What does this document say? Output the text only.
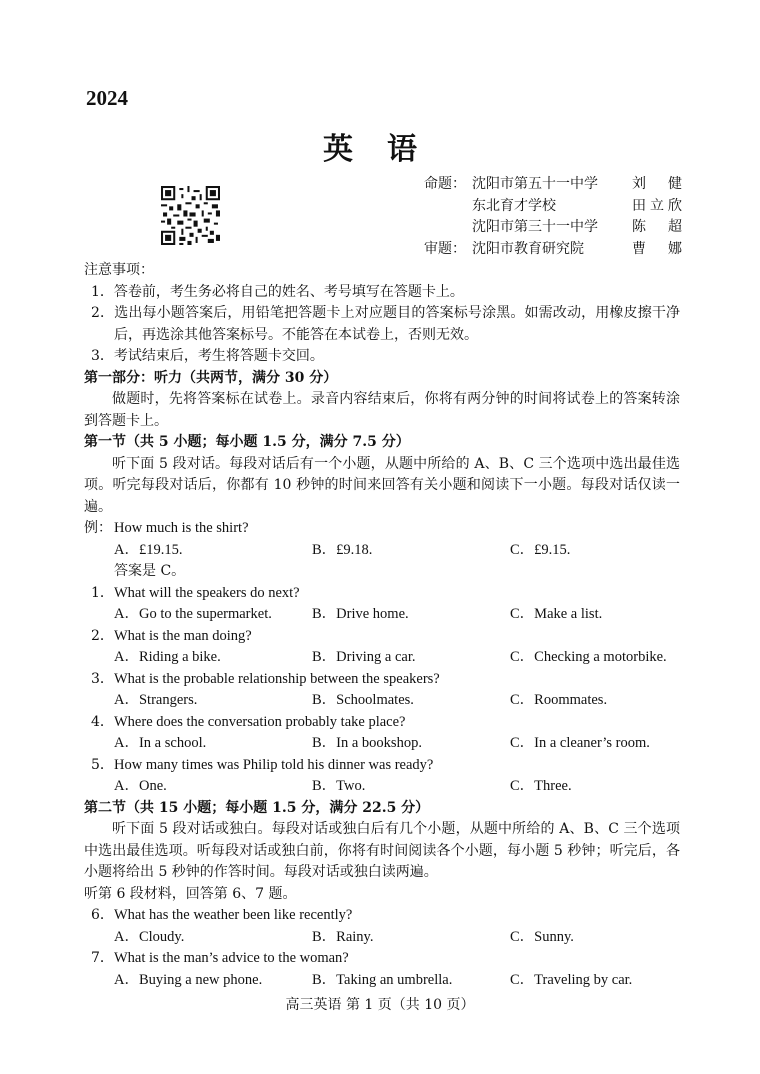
2024
英语
命题： 沈阳市第五十一中学	刘 健
东北育才学校	田立欣
沈阳市第三十一中学	陈 超
审题： 沈阳市教育研究院	曹 娜
注意事项：
1．答卷前，考生务必将自己的姓名、考号填写在答题卡上。
2．选出每小题答案后，用铅笔把答题卡上对应题目的答案标号涂黑。如需改动，用橡皮擦干净后，再选涂其他答案标号。不能答在本试卷上，否则无效。
3．考试结束后，考生将答题卡交回。
第一部分：听力（共两节，满分 30 分）
做题时，先将答案标在试卷上。录音内容结束后，你将有两分钟的时间将试卷上的答案转涂到答题卡上。
第一节（共 5 小题；每小题 1.5 分，满分 7.5 分）
听下面 5 段对话。每段对话后有一个小题，从题中所给的 A、B、C 三个选项中选出最佳选项。听完每段对话后，你都有 10 秒钟的时间来回答有关小题和阅读下一小题。每段对话仅读一遍。
例： How much is the shirt?
A．£19.15.	B．£9.18.	C．£9.15.
答案是 C。
1． What will the speakers do next?
A．Go to the supermarket.	B．Drive home.	C．Make a list.
2． What is the man doing?
A．Riding a bike.	B．Driving a car.	C．Checking a motorbike.
3． What is the probable relationship between the speakers?
A．Strangers.	B．Schoolmates.	C．Roommates.
4． Where does the conversation probably take place?
A．In a school.	B．In a bookshop.	C．In a cleaner’s room.
5． How many times was Philip told his dinner was ready?
A．One.	B．Two.	C．Three.
第二节（共 15 小题；每小题 1.5 分，满分 22.5 分）
听下面 5 段对话或独白。每段对话或独白后有几个小题，从题中所给的 A、B、C 三个选项中选出最佳选项。听每段对话或独白前，你将有时间阅读各个小题，每小题 5 秒钟；听完后，各小题将给出 5 秒钟的作答时间。每段对话或独白读两遍。
听第 6 段材料，回答第 6、7 题。
6． What has the weather been like recently?
A．Cloudy.	B．Rainy.	C．Sunny.
7． What is the man’s advice to the woman?
A．Buying a new phone.	B．Taking an umbrella.	C．Traveling by car.
高三英语 第 1 页（共 10 页）
